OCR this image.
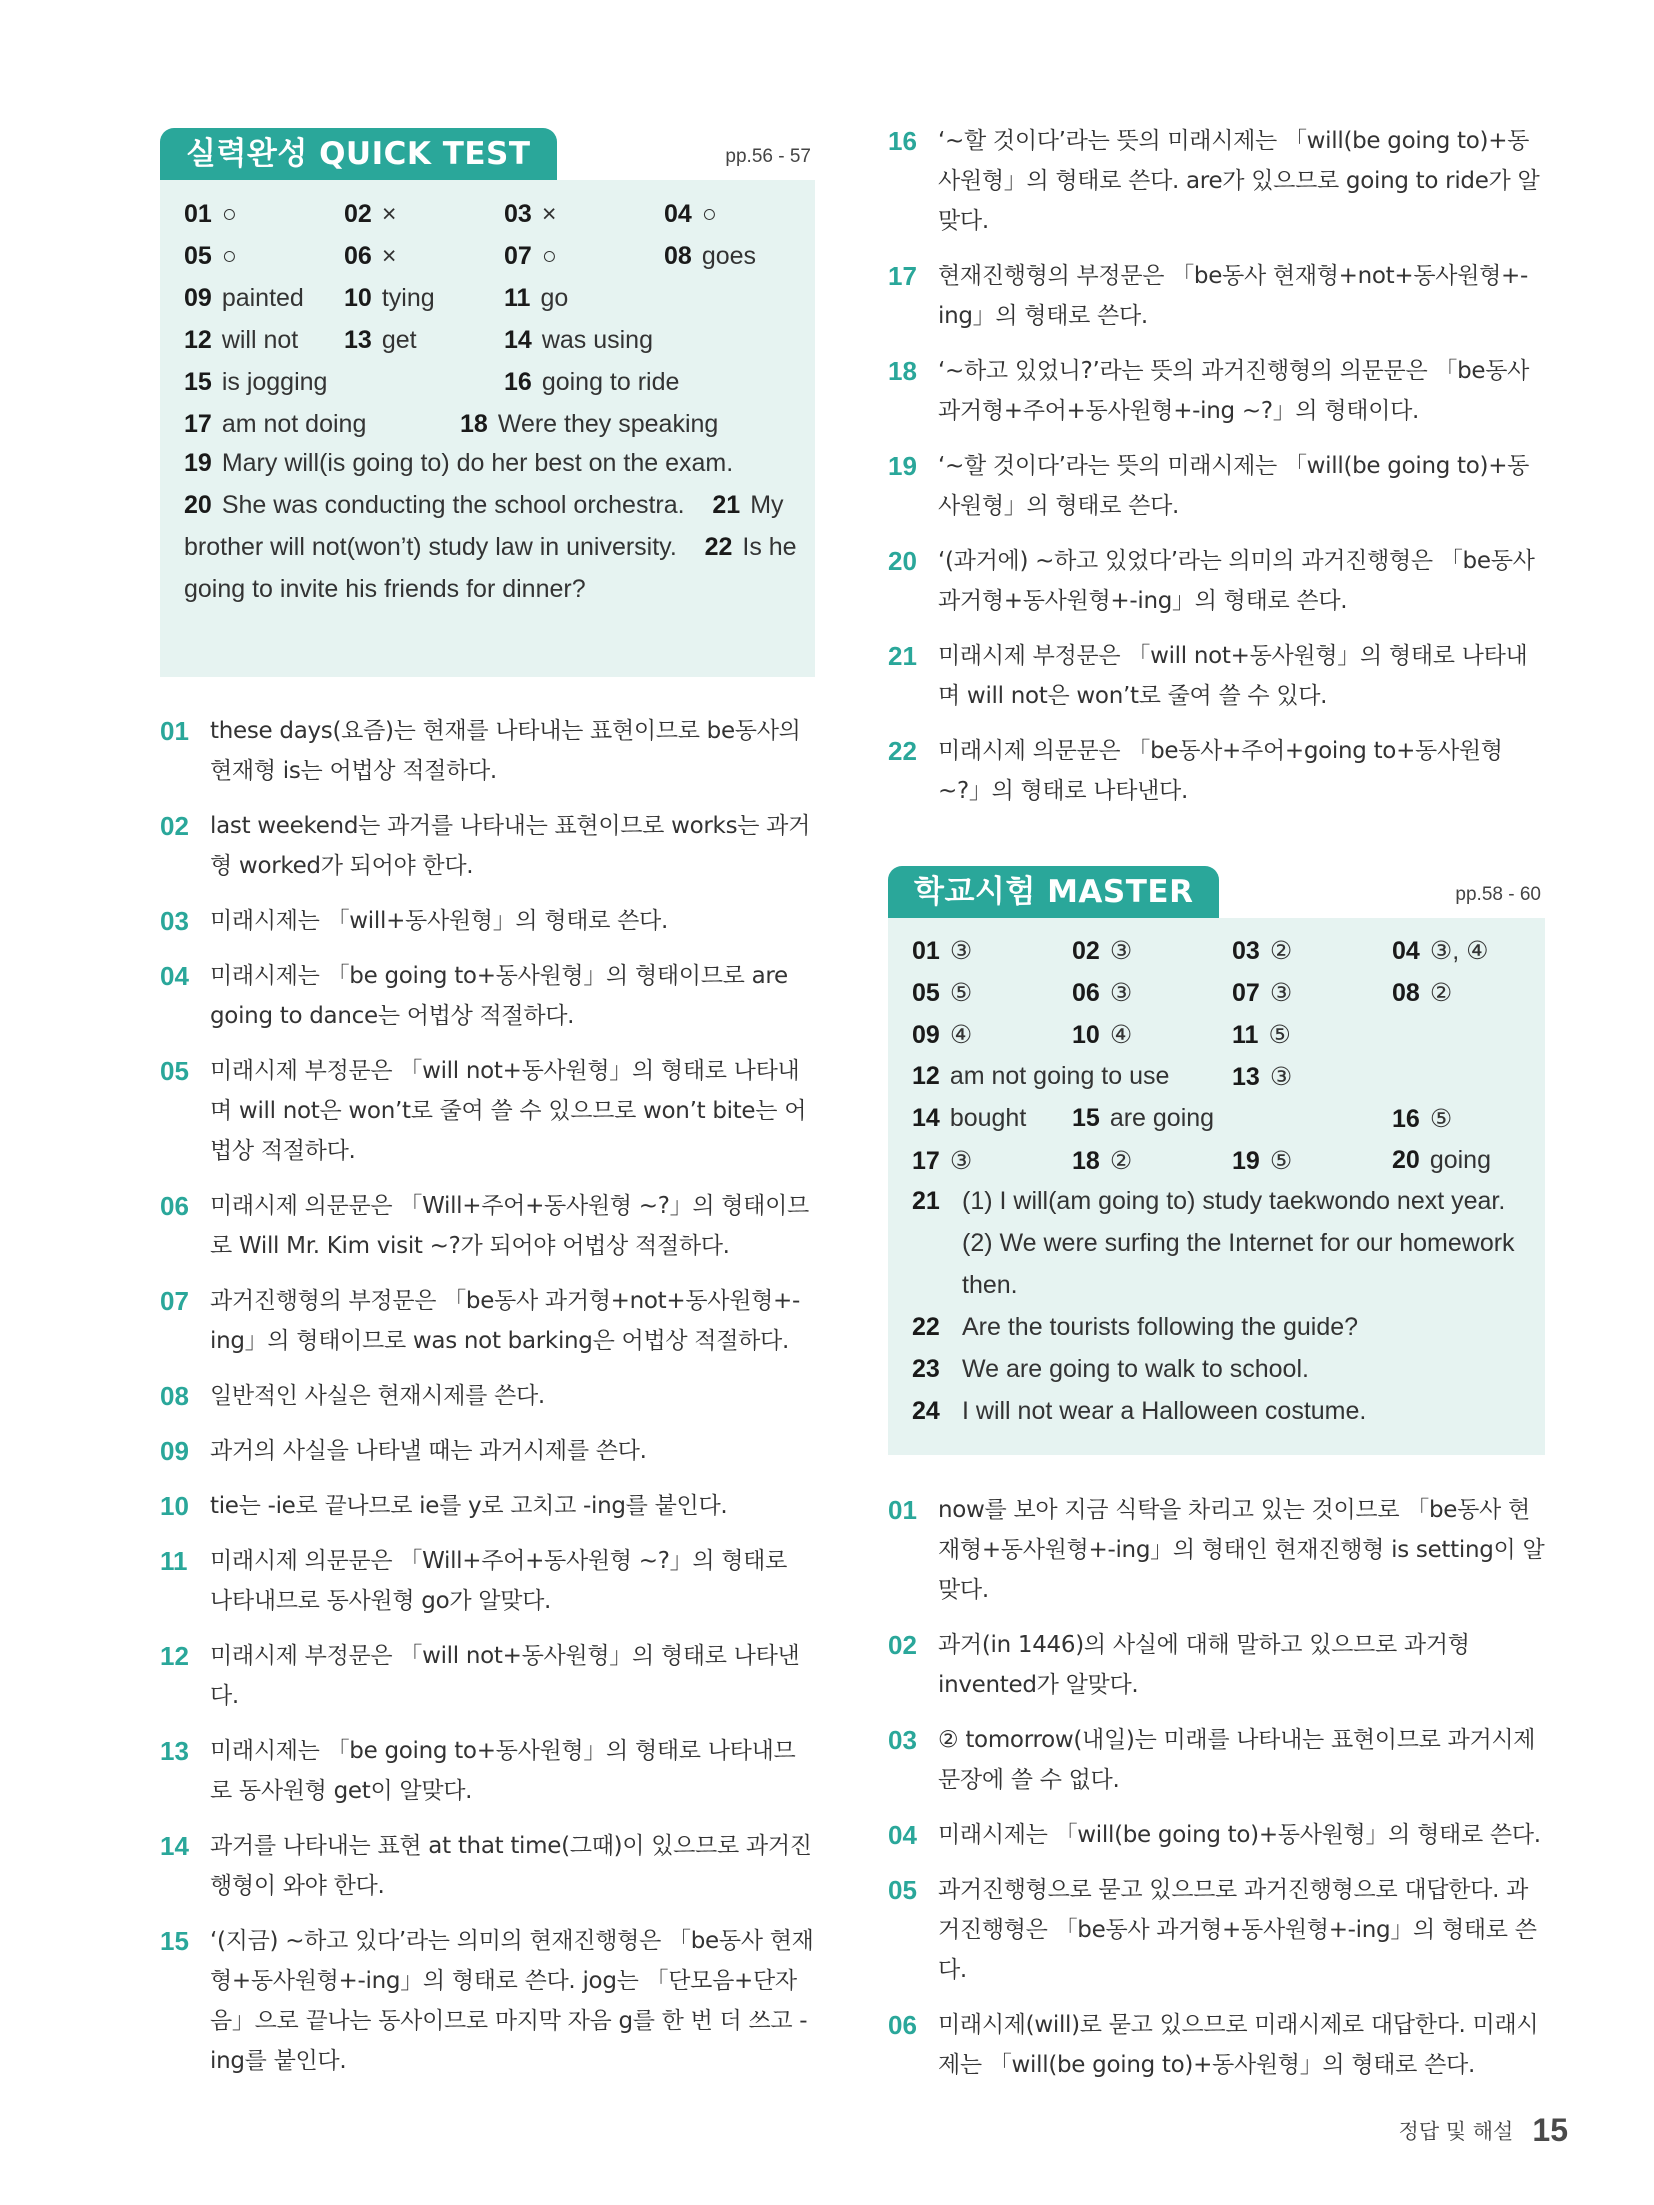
실력완성 QUICK TEST	pp.56 - 57
01 ○	02 ×	03 ×	04 ○
05 ○	06 ×	07 ○	08 goes
09 painted 10 tying	11 go
12 will not 13 get	14 was using
15 is jogging	16 going to ride
17 am not doing	18 Were they speaking
19 Mary will(is going to) do her best on the exam.    20 She was conducting the school orchestra. 21 My brother will not(won’t) study law in university. 22 Is he going to invite his friends for dinner?
01 these days(요즘)는 현재를 나타내는 표현이므로 be동사의 현재형 is는 어법상 적절하다.
02 last weekend는 과거를 나타내는 표현이므로 works는 과거형 worked가 되어야 한다.
03 미래시제는 「will+동사원형」의 형태로 쓴다.
04 미래시제는 「be going to+동사원형」의 형태이므로 are going to dance는 어법상 적절하다.
05 미래시제 부정문은 「will not+동사원형」의 형태로 나타내며 will not은 won’t로 줄여 쓸 수 있으므로 won’t bite는 어법상 적절하다.
06 미래시제 의문문은 「Will+주어+동사원형 ~?」의 형태이므로 Will Mr. Kim visit ~?가 되어야 어법상 적절하다.
07 과거진행형의 부정문은 「be동사 과거형+not+동사원형+-ing」의 형태이므로 was not barking은 어법상 적절하다.
08 일반적인 사실은 현재시제를 쓴다.
09 과거의 사실을 나타낼 때는 과거시제를 쓴다.
10 tie는 -ie로 끝나므로 ie를 y로 고치고 -ing를 붙인다.
11 미래시제 의문문은 「Will+주어+동사원형 ~?」의 형태로 나타내므로 동사원형 go가 알맞다.
12 미래시제 부정문은 「will not+동사원형」의 형태로 나타낸다.
13 미래시제는 「be going to+동사원형」의 형태로 나타내므로 동사원형 get이 알맞다.
14 과거를 나타내는 표현 at that time(그때)이 있으므로 과거진행형이 와야 한다.
15 ‘(지금) ~하고 있다’라는 의미의 현재진행형은 「be동사 현재형+동사원형+-ing」의 형태로 쓴다. jog는 「단모음+단자음」으로 끝나는 동사이므로 마지막 자음 g를 한 번 더 쓰고 -ing를 붙인다.
16 ‘~할 것이다’라는 뜻의 미래시제는 「will(be going to)+동사원형」의 형태로 쓴다. are가 있으므로 going to ride가 알맞다.
17 현재진행형의 부정문은 「be동사 현재형+not+동사원형+-ing」의 형태로 쓴다.
18 ‘~하고 있었니?’라는 뜻의 과거진행형의 의문문은 「be동사 과거형+주어+동사원형+-ing ~?」의 형태이다.
19 ‘~할 것이다’라는 뜻의 미래시제는 「will(be going to)+동사원형」의 형태로 쓴다.
20 ‘(과거에) ~하고 있었다’라는 의미의 과거진행형은 「be동사 과거형+동사원형+-ing」의 형태로 쓴다.
21 미래시제 부정문은 「will not+동사원형」의 형태로 나타내며 will not은 won’t로 줄여 쓸 수 있다.
22 미래시제 의문문은 「be동사+주어+going to+동사원형 ~?」의 형태로 나타낸다.
학교시험 MASTER	pp.58 - 60
01 ③	02 ③	03 ②	04 ③, ④
05 ⑤	06 ③	07 ③	08 ②
09 ④	10 ④	11 ⑤
12 am not going to use	13 ③
14 bought 15 are going	16 ⑤
17 ③	18 ②	19 ⑤	20 going
21 (1) I will(am going to) study taekwondo next year. (2) We were surfing the Internet for our homework then.
22 Are the tourists following the guide?
23 We are going to walk to school.
24 I will not wear a Halloween costume.
01 now를 보아 지금 식탁을 차리고 있는 것이므로 「be동사 현재형+동사원형+-ing」의 형태인 현재진행형 is setting이 알맞다.
02 과거(in 1446)의 사실에 대해 말하고 있으므로 과거형 invented가 알맞다.
03 ② tomorrow(내일)는 미래를 나타내는 표현이므로 과거시제 문장에 쓸 수 없다.
04 미래시제는 「will(be going to)+동사원형」의 형태로 쓴다.
05 과거진행형으로 묻고 있으므로 과거진행형으로 대답한다. 과거진행형은 「be동사 과거형+동사원형+-ing」의 형태로 쓴다.
06 미래시제(will)로 묻고 있으므로 미래시제로 대답한다. 미래시제는 「will(be going to)+동사원형」의 형태로 쓴다.
정답 및 해설 15
